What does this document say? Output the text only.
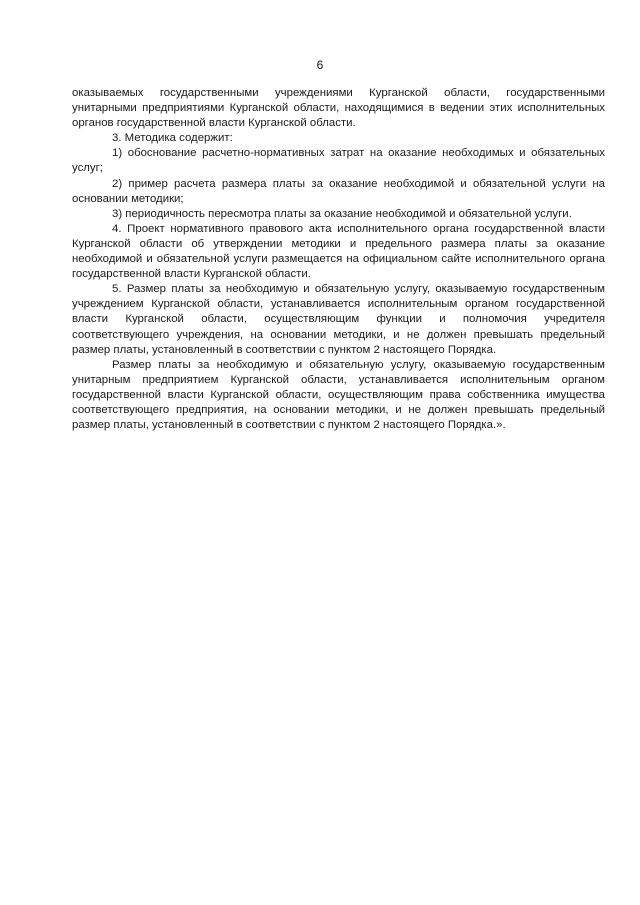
6

оказываемых государственными учреждениями Курганской области, государственными унитарными предприятиями Курганской области, находящимися в ведении этих исполнительных органов государственной власти Курганской области.

3. Методика содержит:

1) обоснование расчетно-нормативных затрат на оказание необходимых и обязательных услуг;

2) пример расчета размера платы за оказание необходимой и обязательной услуги на основании методики;

3) периодичность пересмотра платы за оказание необходимой и обязательной услуги.

4. Проект нормативного правового акта исполнительного органа государственной власти Курганской области об утверждении методики и предельного размера платы за оказание необходимой и обязательной услуги размещается на официальном сайте исполнительного органа государственной власти Курганской области.

5. Размер платы за необходимую и обязательную услугу, оказываемую государственным учреждением Курганской области, устанавливается исполнительным органом государственной власти Курганской области, осуществляющим функции и полномочия учредителя соответствующего учреждения, на основании методики, и не должен превышать предельный размер платы, установленный в соответствии с пунктом 2 настоящего Порядка.

Размер платы за необходимую и обязательную услугу, оказываемую государственным унитарным предприятием Курганской области, устанавливается исполнительным органом государственной власти Курганской области, осуществляющим права собственника имущества соответствующего предприятия, на основании методики, и не должен превышать предельный размер платы, установленный в соответствии с пунктом 2 настоящего Порядка.».
